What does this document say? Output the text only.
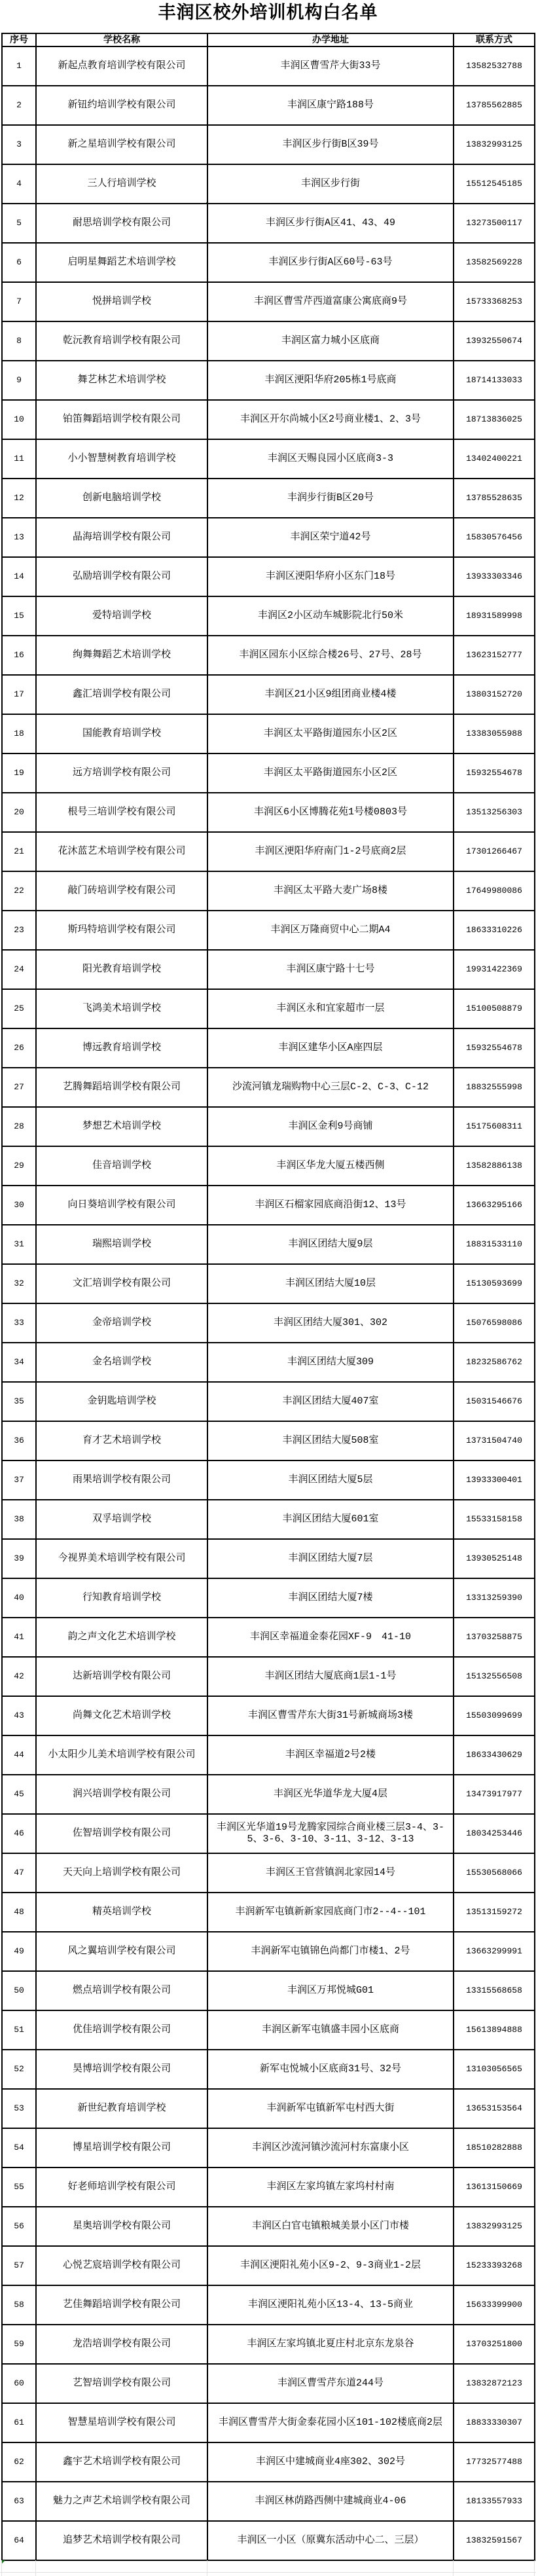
丰润区校外培训机构白名单
序号	学校名称	办学地址	联系方式
1	新起点教育培训学校有限公司	丰润区曹雪芹大街33号	13582532788
2	新钮约培训学校有限公司	丰润区康宁路188号	13785562885
3	新之星培训学校有限公司	丰润区步行街B区39号	13832993125
4	三人行培训学校	丰润区步行街	15512545185
5	耐思培训学校有限公司	丰润区步行街A区41、43、49	13273500117
6	启明星舞蹈艺术培训学校	丰润区步行街A区60号-63号	13582569228
7	悦拼培训学校	丰润区曹雪芹西道富康公寓底商9号	15733368253
8	乾沅教育培训学校有限公司	丰润区富力城小区底商	13932550674
9	舞艺林艺术培训学校	丰润区浭阳华府205栋1号底商	18714133033
10	铂笛舞蹈培训学校有限公司	丰润区开尔尚城小区2号商业楼1、2、3号	18713836025
11	小小智慧树教育培训学校	丰润区天赐良园小区底商3-3	13402400221
12	创新电脑培训学校	丰润步行街B区20号	13785528635
13	晶海培训学校有限公司	丰润区荣宁道42号	15830576456
14	弘励培训学校有限公司	丰润区浭阳华府小区东门18号	13933303346
15	爱特培训学校	丰润区2小区动车城影院北行50米	18931589998
16	绚舞舞蹈艺术培训学校	丰润区园东小区综合楼26号、27号、28号	13623152777
17	鑫汇培训学校有限公司	丰润区21小区9组团商业楼4楼	13803152720
18	国能教育培训学校	丰润区太平路街道园东小区2区	13383055988
19	远方培训学校有限公司	丰润区太平路街道园东小区2区	15932554678
20	根号三培训学校有限公司	丰润区6小区博腾花苑1号楼0803号	13513256303
21	花沐蓝艺术培训学校有限公司	丰润区浭阳华府南门1-2号底商2层	17301266467
22	敲门砖培训学校有限公司	丰润区太平路大麦广场8楼	17649980086
23	斯玛特培训学校有限公司	丰润区万隆商贸中心二期A4	18633310226
24	阳光教育培训学校	丰润区康宁路十七号	19931422369
25	飞鸿美术培训学校	丰润区永和宜家超市一层	15100508879
26	博远教育培训学校	丰润区建华小区A座四层	15932554678
27	艺腾舞蹈培训学校有限公司	沙流河镇龙瑞购物中心三层C-2、C-3、C-12	18832555998
28	梦想艺术培训学校	丰润区金利9号商铺	15175608311
29	佳音培训学校	丰润区华龙大厦五楼西侧	13582886138
30	向日葵培训学校有限公司	丰润区石榴家园底商沿街12、13号	13663295166
31	瑞熙培训学校	丰润区团结大厦9层	18831533110
32	文汇培训学校有限公司	丰润区团结大厦10层	15130593699
33	金帝培训学校	丰润区团结大厦301、302	15076598086
34	金名培训学校	丰润区团结大厦309	18232586762
35	金钥匙培训学校	丰润区团结大厦407室	15031546676
36	育才艺术培训学校	丰润区团结大厦508室	13731504740
37	雨果培训学校有限公司	丰润区团结大厦5层	13933300401
38	双孚培训学校	丰润区团结大厦601室	15533158158
39	今视界美术培训学校有限公司	丰润区团结大厦7层	13930525148
40	行知教育培训学校	丰润区团结大厦7楼	13313259390
41	韵之声文化艺术培训学校	丰润区幸福道金泰花园XF-9　41-10	13703258875
42	达新培训学校有限公司	丰润区团结大厦底商1层1-1号	15132556508
43	尚舞文化艺术培训学校	丰润区曹雪芹东大街31号新城商场3楼	15503099699
44	小太阳少儿美术培训学校有限公司	丰润区幸福道2号2楼	18633430629
45	润兴培训学校有限公司	丰润区光华道华龙大厦4层	13473917977
46	佐智培训学校有限公司	丰润区光华道19号龙腾家园综合商业楼三层3-4、3-5、3-6、3-10、3-11、3-12、3-13	18034253446
47	天天向上培训学校有限公司	丰润区王官营镇润北家园14号	15530568066
48	精英培训学校	丰润新军屯镇新新家园底商门市2--4--101	13513159272
49	风之翼培训学校有限公司	丰润新军屯镇锦色尚都门市楼1、2号	13663299991
50	燃点培训学校有限公司	丰润区万邦悦城G01	13315568658
51	优佳培训学校有限公司	丰润区新军屯镇盛丰园小区底商	15613894888
52	昊博培训学校有限公司	新军屯悦城小区底商31号、32号	13103056565
53	新世纪教育培训学校	丰润新军屯镇新军屯村西大街	13653153564
54	博星培训学校有限公司	丰润区沙流河镇沙流河村东富康小区	18510282888
55	好老师培训学校有限公司	丰润区左家坞镇左家坞村村南	13613150669
56	星奥培训学校有限公司	丰润区白官屯镇粮城美景小区门市楼	13832993125
57	心悦艺宸培训学校有限公司	丰润区浭阳礼苑小区9-2、9-3商业1-2层	15233393268
58	艺佳舞蹈培训学校有限公司	丰润区浭阳礼苑小区13-4、13-5商业	15633399900
59	龙浩培训学校有限公司	丰润区左家坞镇北夏庄村北京东龙泉谷	13703251800
60	艺智培训学校有限公司	丰润区曹雪芹东道244号	13832872123
61	智慧星培训学校有限公司	丰润区曹雪芹大街金泰花园小区101-102楼底商2层	18833330307
62	鑫宇艺术培训学校有限公司	丰润区中建城商业4座302、302号	17732577488
63	魅力之声艺术培训学校有限公司	丰润区林荫路西侧中建城商业4-06	18133557933
64	追梦艺术培训学校有限公司	丰润区一小区（原冀东活动中心二、三层）	13832591567
